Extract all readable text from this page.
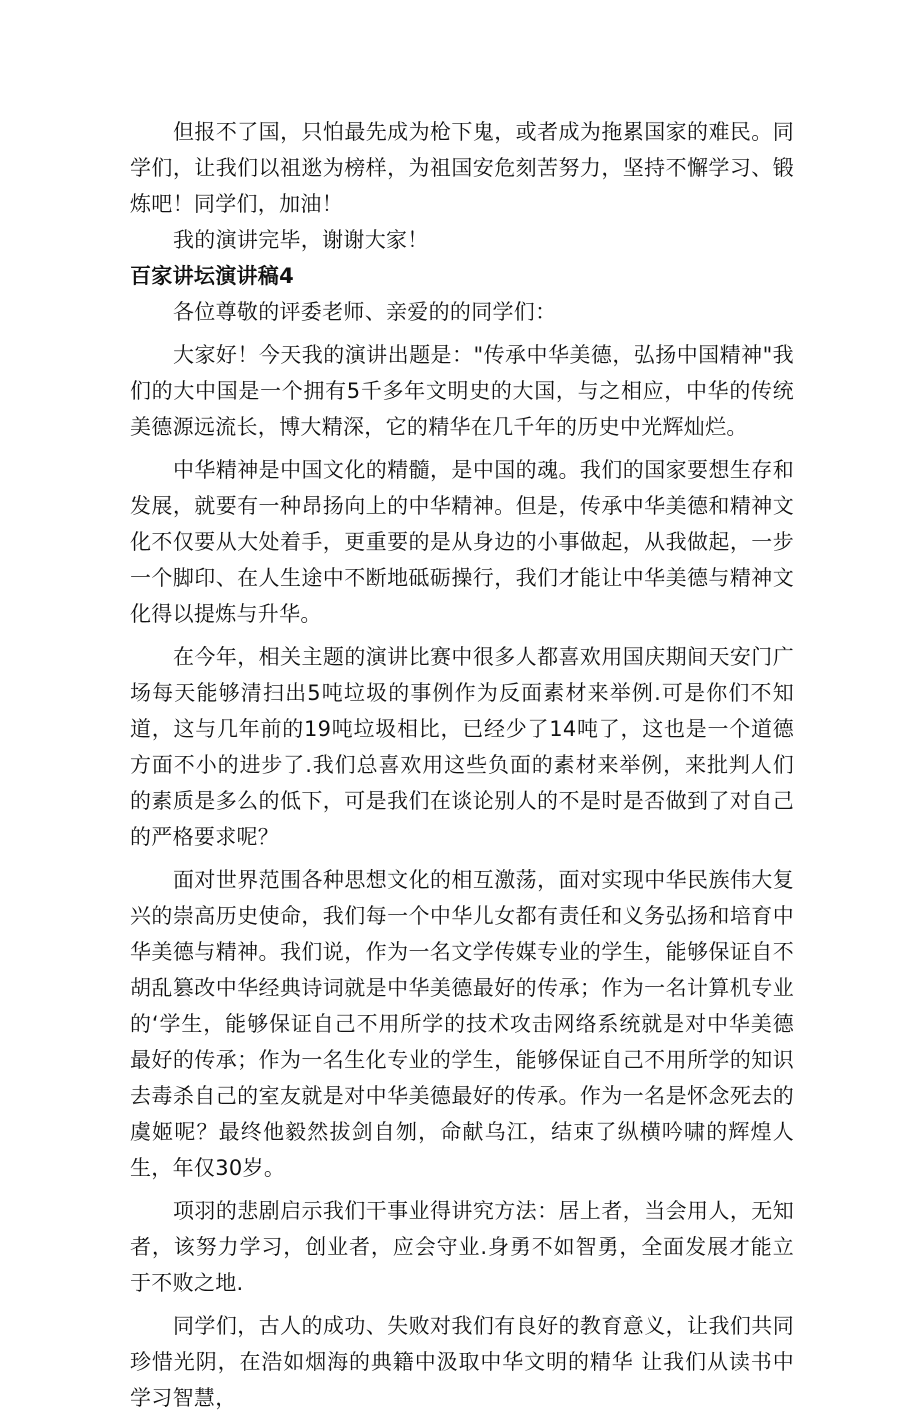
但报不了国，只怕最先成为枪下鬼，或者成为拖累国家的难民。同学们，让我们以祖逖为榜样，为祖国安危刻苦努力，坚持不懈学习、锻炼吧！同学们，加油！

我的演讲完毕，谢谢大家！

百家讲坛演讲稿4

各位尊敬的评委老师、亲爱的的同学们：

大家好！今天我的演讲出题是："传承中华美德，弘扬中国精神"我们的大中国是一个拥有5千多年文明史的大国，与之相应，中华的传统美德源远流长，博大精深，它的精华在几千年的历史中光辉灿烂。

中华精神是中国文化的精髓，是中国的魂。我们的国家要想生存和发展，就要有一种昂扬向上的中华精神。但是，传承中华美德和精神文化不仅要从大处着手，更重要的是从身边的小事做起，从我做起，一步一个脚印、在人生途中不断地砥砺操行，我们才能让中华美德与精神文化得以提炼与升华。

在今年，相关主题的演讲比赛中很多人都喜欢用国庆期间天安门广场每天能够清扫出5吨垃圾的事例作为反面素材来举例.可是你们不知道，这与几年前的19吨垃圾相比，已经少了14吨了，这也是一个道德方面不小的进步了.我们总喜欢用这些负面的素材来举例，来批判人们的素质是多么的低下，可是我们在谈论别人的不是时是否做到了对自己的严格要求呢？

面对世界范围各种思想文化的相互激荡，面对实现中华民族伟大复兴的崇高历史使命，我们每一个中华儿女都有责任和义务弘扬和培育中华美德与精神。我们说，作为一名文学传媒专业的学生，能够保证自不胡乱篡改中华经典诗词就是中华美德最好的传承；作为一名计算机专业的‘学生，能够保证自己不用所学的技术攻击网络系统就是对中华美德最好的传承；作为一名生化专业的学生，能够保证自己不用所学的知识去毒杀自己的室友就是对中华美德最好的传承。作为一名是怀念死去的虞姬呢？最终他毅然拔剑自刎，命献乌江，结束了纵横吟啸的辉煌人生，年仅30岁。

项羽的悲剧启示我们干事业得讲究方法：居上者，当会用人，无知者，该努力学习，创业者，应会守业.身勇不如智勇，全面发展才能立于不败之地.

同学们，古人的成功、失败对我们有良好的教育意义，让我们共同珍惜光阴，在浩如烟海的典籍中汲取中华文明的精华 让我们从读书中学习智慧，
